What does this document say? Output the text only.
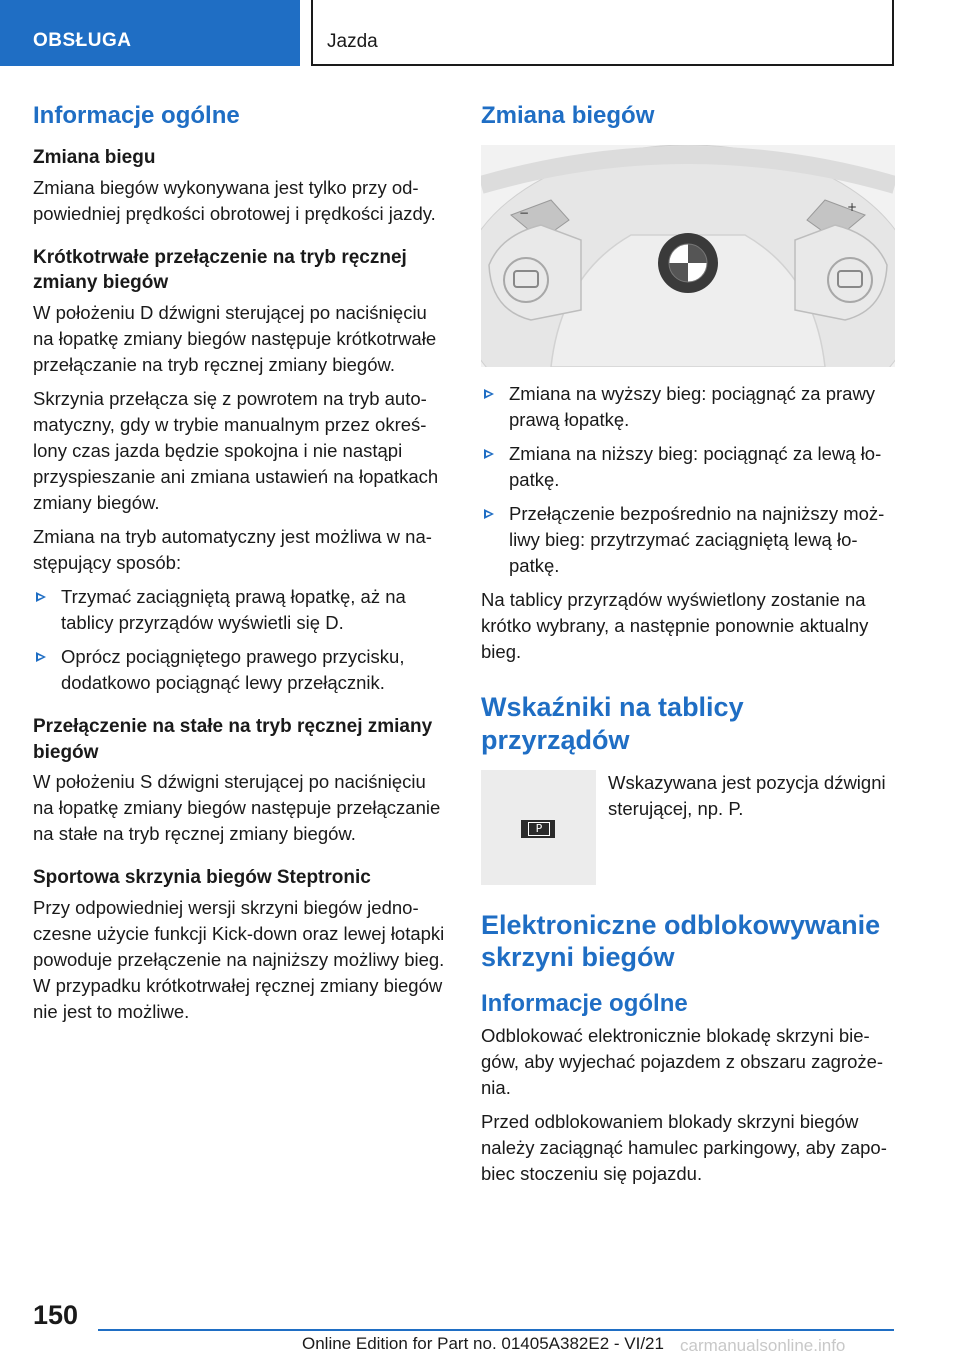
OBSŁUGA	Jazda
Informacje ogólne
Zmiana biegu

Zmiana biegów wykonywana jest tylko przy odpowiedniej prędkości obrotowej i prędkości jazdy.

Krótkotrwałe przełączenie na tryb ręcznej zmiany biegów

W położeniu D dźwigni sterującej po naciśnięciu na łopatkę zmiany biegów następuje krótkotrwałe przełączanie na tryb ręcznej zmiany biegów.

Skrzynia przełącza się z powrotem na tryb automatyczny, gdy w trybie manualnym przez określony czas jazda będzie spokojna i nie nastąpi przyspieszanie ani zmiana ustawień na łopatkach zmiany biegów.

Zmiana na tryb automatyczny jest możliwa w następujący sposób:

Trzymać zaciągniętą prawą łopatkę, aż na tablicy przyrządów wyświetli się D.
Oprócz pociągniętego prawego przycisku, dodatkowo pociągnąć lewy przełącznik.
Przełączenie na stałe na tryb ręcznej zmiany biegów

W położeniu S dźwigni sterującej po naciśnięciu na łopatkę zmiany biegów następuje przełączanie na stałe na tryb ręcznej zmiany biegów.

Sportowa skrzynia biegów Steptronic

Przy odpowiedniej wersji skrzyni biegów jednoczesne użycie funkcji Kick-down oraz lewej łotapki powoduje przełączenie na najniższy możliwy bieg. W przypadku krótkotrwałej ręcznej zmiany biegów nie jest to możliwe.

Zmiana biegów
−	+
Zmiana na wyższy bieg: pociągnąć za prawy prawą łopatkę.
Zmiana na niższy bieg: pociągnąć za lewą łopatkę.
Przełączenie bezpośrednio na najniższy możliwy bieg: przytrzymać zaciągniętą lewą łopatkę.

Na tablicy przyrządów wyświetlony zostanie na krótko wybrany, a następnie ponownie aktualny bieg.

Wskaźniki na tablicy przyrządów
P
Wskazywana jest pozycja dźwigni sterującej, np. P.
Elektroniczne odblokowywanie skrzyni biegów
Informacje ogólne

Odblokować elektronicznie blokadę skrzyni biegów, aby wyjechać pojazdem z obszaru zagrożenia.

Przed odblokowaniem blokady skrzyni biegów należy zaciągnąć hamulec parkingowy, aby zapobiec stoczeniu się pojazdu.

150
Online Edition for Part no. 01405A382E2 - VI/21 carmanualsonline.info
